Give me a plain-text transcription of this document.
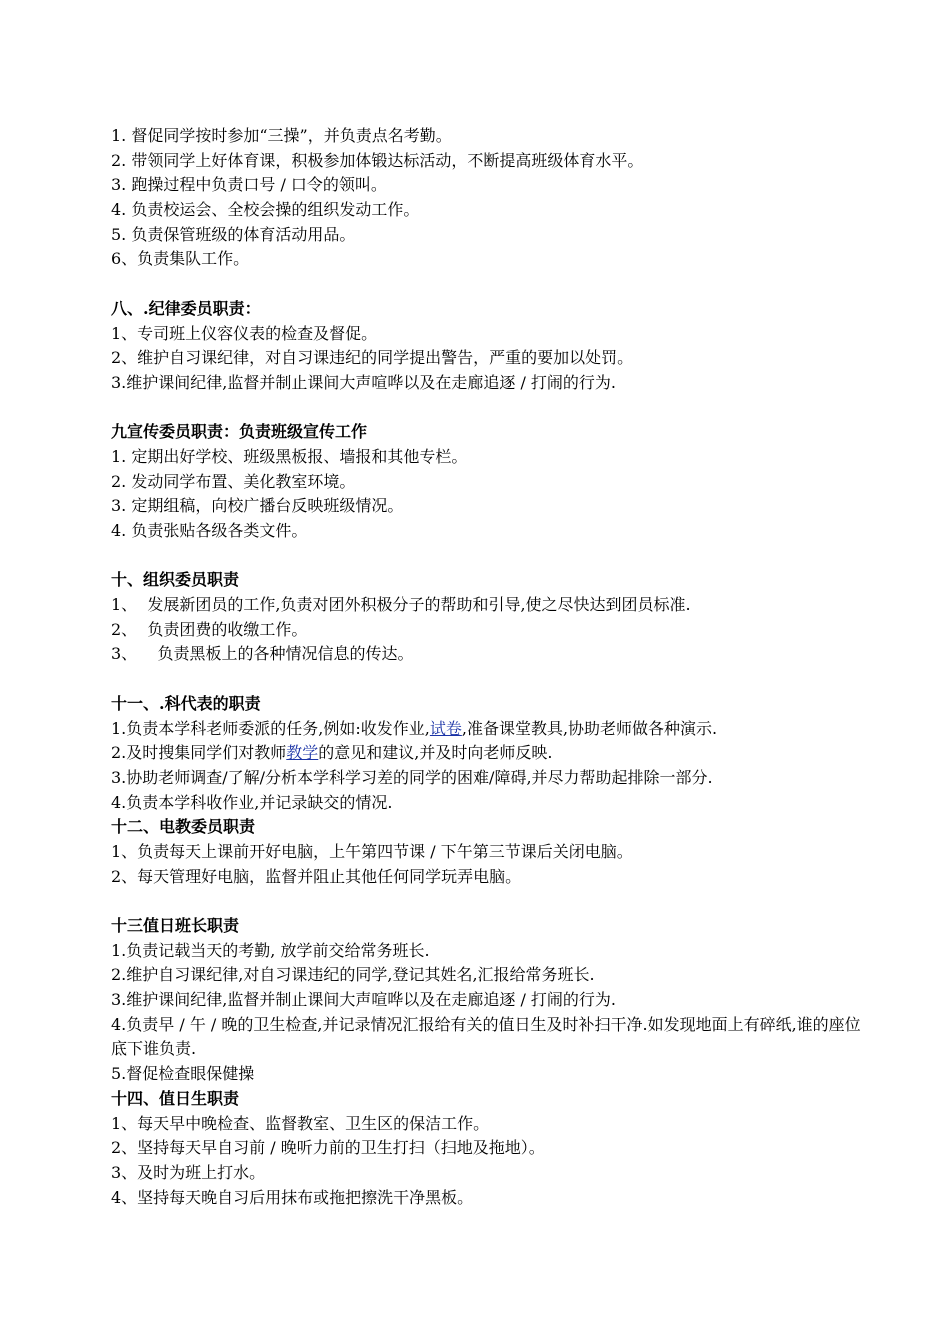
1. 督促同学按时参加“三操”，并负责点名考勤。
2. 带领同学上好体育课，积极参加体锻达标活动，不断提高班级体育水平。
3. 跑操过程中负责口号 / 口令的领叫。
4. 负责校运会、全校会操的组织发动工作。
5. 负责保管班级的体育活动用品。
6、负责集队工作。
八、.纪律委员职责：
1、专司班上仪容仪表的检查及督促。
2、维护自习课纪律，对自习课违纪的同学提出警告，严重的要加以处罚。
3.维护课间纪律,监督并制止课间大声喧哗以及在走廊追逐 / 打闹的行为.
九宣传委员职责：负责班级宣传工作
1. 定期出好学校、班级黑板报、墙报和其他专栏。
2. 发动同学布置、美化教室环境。
3. 定期组稿，向校广播台反映班级情况。
4. 负责张贴各级各类文件。
十、组织委员职责
1、  发展新团员的工作,负责对团外积极分子的帮助和引导,使之尽快达到团员标准.
2、  负责团费的收缴工作。
3、    负责黑板上的各种情况信息的传达。
十一、.科代表的职责
1.负责本学科老师委派的任务,例如:收发作业,试卷,准备课堂教具,协助老师做各种演示.
2.及时搜集同学们对教师教学的意见和建议,并及时向老师反映.
3.协助老师调查/了解/分析本学科学习差的同学的困难/障碍,并尽力帮助起排除一部分.
4.负责本学科收作业,并记录缺交的情况.
十二、电教委员职责
1、负责每天上课前开好电脑，上午第四节课 / 下午第三节课后关闭电脑。
2、每天管理好电脑，监督并阻止其他任何同学玩弄电脑。
十三值日班长职责
1.负责记载当天的考勤, 放学前交给常务班长.
2.维护自习课纪律,对自习课违纪的同学,登记其姓名,汇报给常务班长.
3.维护课间纪律,监督并制止课间大声喧哗以及在走廊追逐 / 打闹的行为.
4.负责早 / 午 / 晚的卫生检查,并记录情况汇报给有关的值日生及时补扫干净.如发现地面上有碎纸,谁的座位底下谁负责.
5.督促检查眼保健操
十四、值日生职责
1、每天早中晚检查、监督教室、卫生区的保洁工作。
2、坚持每天早自习前 / 晚听力前的卫生打扫（扫地及拖地）。
3、及时为班上打水。
4、坚持每天晚自习后用抹布或拖把擦洗干净黑板。
